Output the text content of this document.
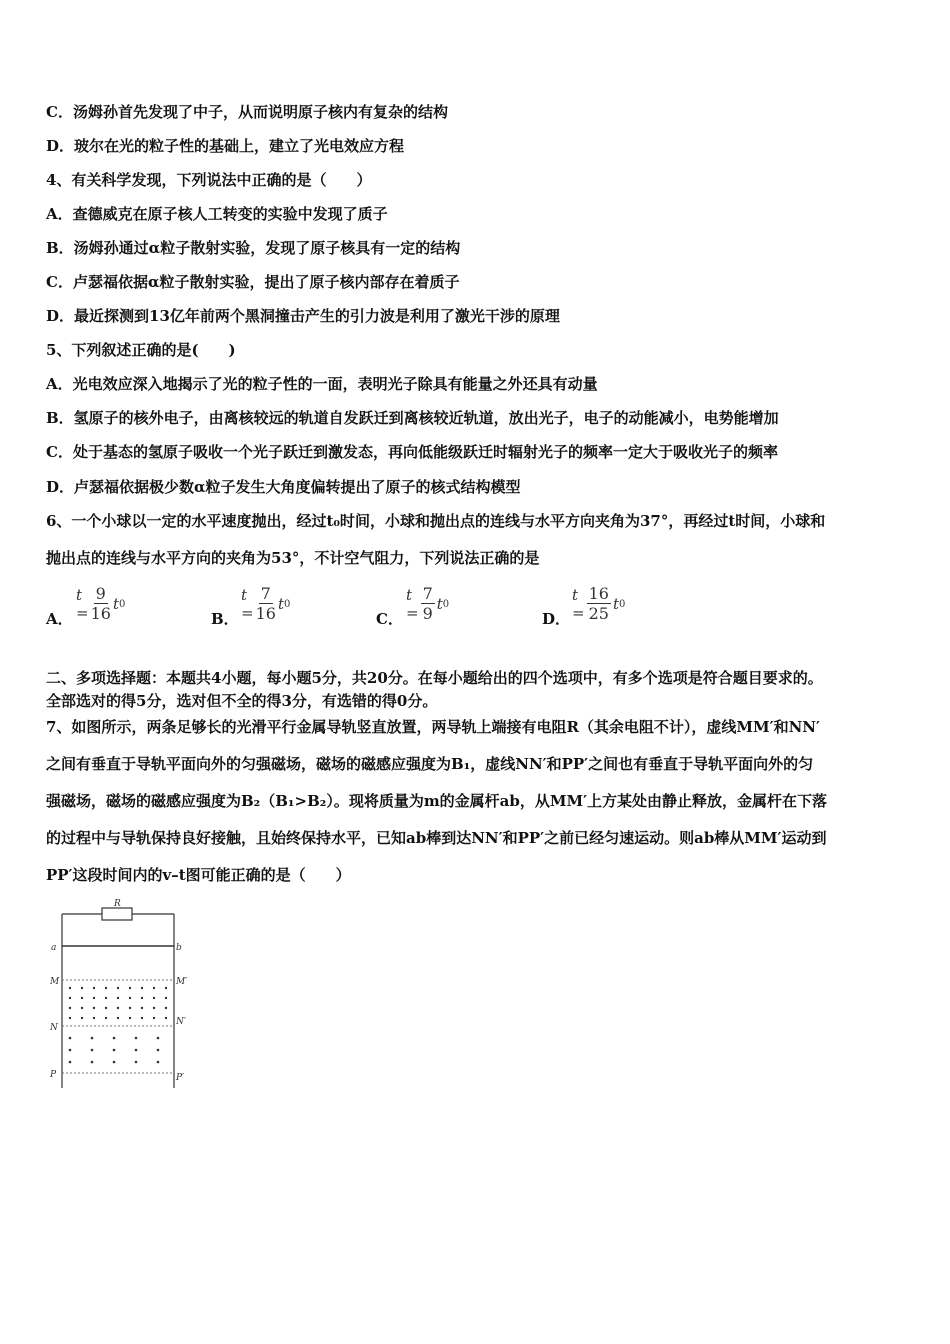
C．汤姆孙首先发现了中子，从而说明原子核内有复杂的结构
D．玻尔在光的粒子性的基础上，建立了光电效应方程
4、有关科学发现，下列说法中正确的是（　　）
A．查德威克在原子核人工转变的实验中发现了质子
B．汤姆孙通过α粒子散射实验，发现了原子核具有一定的结构
C．卢瑟福依据α粒子散射实验，提出了原子核内部存在着质子
D．最近探测到13亿年前两个黑洞撞击产生的引力波是利用了激光干涉的原理
5、下列叙述正确的是(　　)
A．光电效应深入地揭示了光的粒子性的一面，表明光子除具有能量之外还具有动量
B．氢原子的核外电子，由离核较远的轨道自发跃迁到离核较近轨道，放出光子，电子的动能减小，电势能增加
C．处于基态的氢原子吸收一个光子跃迁到激发态，再向低能级跃迁时辐射光子的频率一定大于吸收光子的频率
D．卢瑟福依据极少数α粒子发生大角度偏转提出了原子的核式结构模型
6、一个小球以一定的水平速度抛出，经过t₀时间，小球和抛出点的连线与水平方向夹角为37°，再经过t时间，小球和
抛出点的连线与水平方向的夹角为53°，不计空气阻力，下列说法正确的是
A．
$t = \frac{9}{16}$ t 0
B．
$t = \frac{7}{16}$ t 0
C．
$t = \frac{7}{9}$ t 0
D．
$t = \frac{16}{25}$ t 0
二、多项选择题：本题共4小题，每小题5分，共20分。在每小题给出的四个选项中，有多个选项是符合题目要求的。
全部选对的得5分，选对但不全的得3分，有选错的得0分。
7、如图所示，两条足够长的光滑平行金属导轨竖直放置，两导轨上端接有电阻R（其余电阻不计），虚线MM′和NN′
之间有垂直于导轨平面向外的匀强磁场，磁场的磁感应强度为B₁，虚线NN′和PP′之间也有垂直于导轨平面向外的匀
强磁场，磁场的磁感应强度为B₂（B₁>B₂）。现将质量为m的金属杆ab，从MM′上方某处由静止释放，金属杆在下落
的过程中与导轨保持良好接触，且始终保持水平，已知ab棒到达NN′和PP′之前已经匀速运动。则ab棒从MM′运动到
PP′这段时间内的v–t图可能正确的是（　　）
R
a	b
M	M′
N
N′
P	P′
